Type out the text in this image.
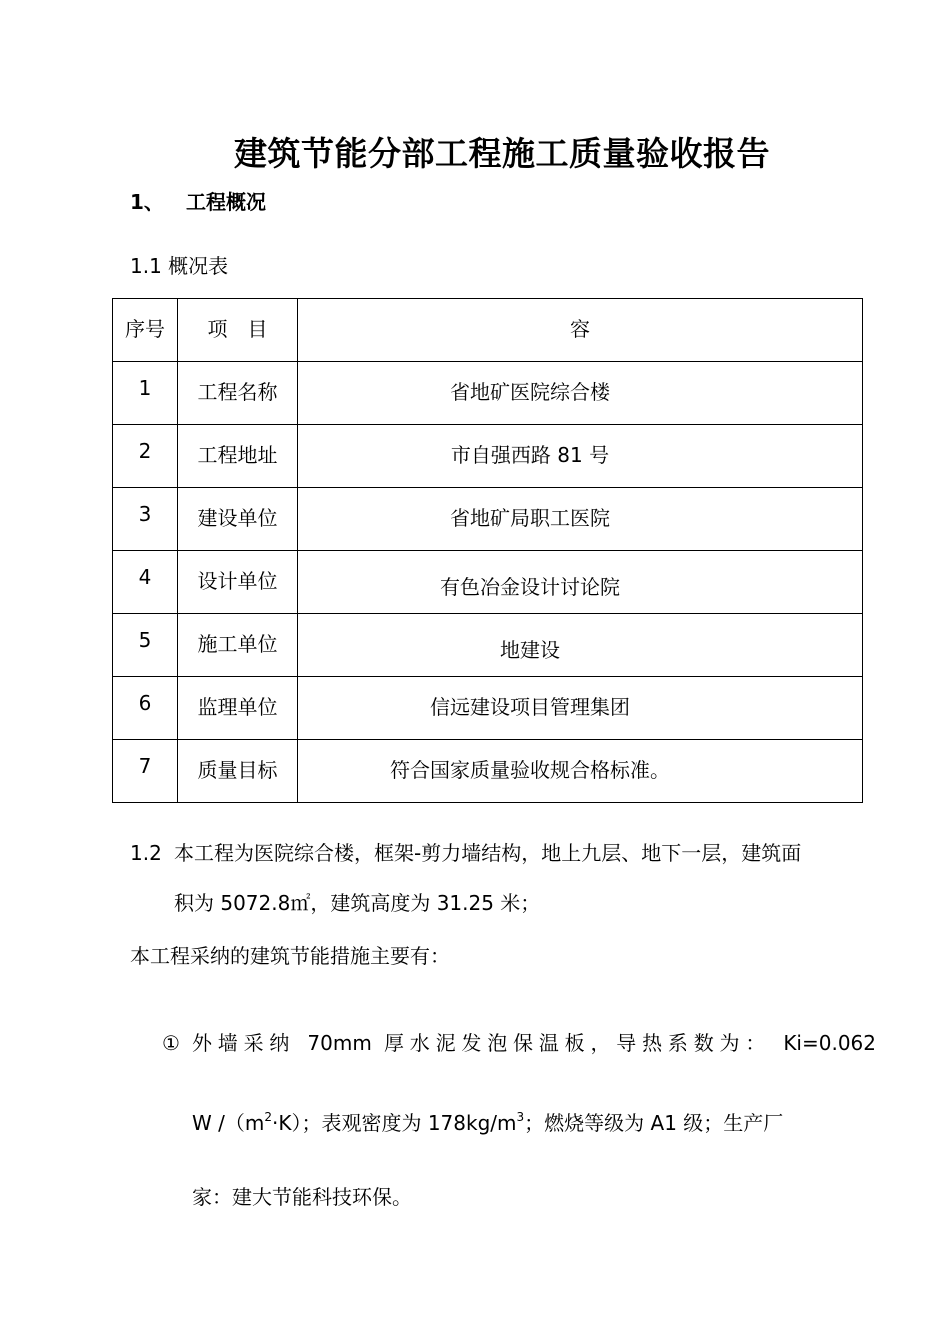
建筑节能分部工程施工质量验收报告
1、 工程概况
1.1 概况表
序号	项　目	容
1	工程名称	省地矿医院综合楼
2	工程地址	市自强西路 81 号
3	建设单位	省地矿局职工医院
4	设计单位	有色冶金设计讨论院
5	施工单位	地建设
6	监理单位	信远建设项目管理集团
7	质量目标	符合国家质量验收规合格标准。
1.2 本工程为医院综合楼，框架-剪力墙结构，地上九层、地下一层，建筑面
积为 5072.8㎡，建筑高度为 31.25 米；
本工程采纳的建筑节能措施主要有：
① 外墙采纳 70mm 厚水泥发泡保温板，导热系数为： Ki=0.062
W $/(m^2\cdot K)$；表观密度为 $178kg/m^3$；燃烧等级为 A1 级；生产厂
家：建大节能科技环保。
